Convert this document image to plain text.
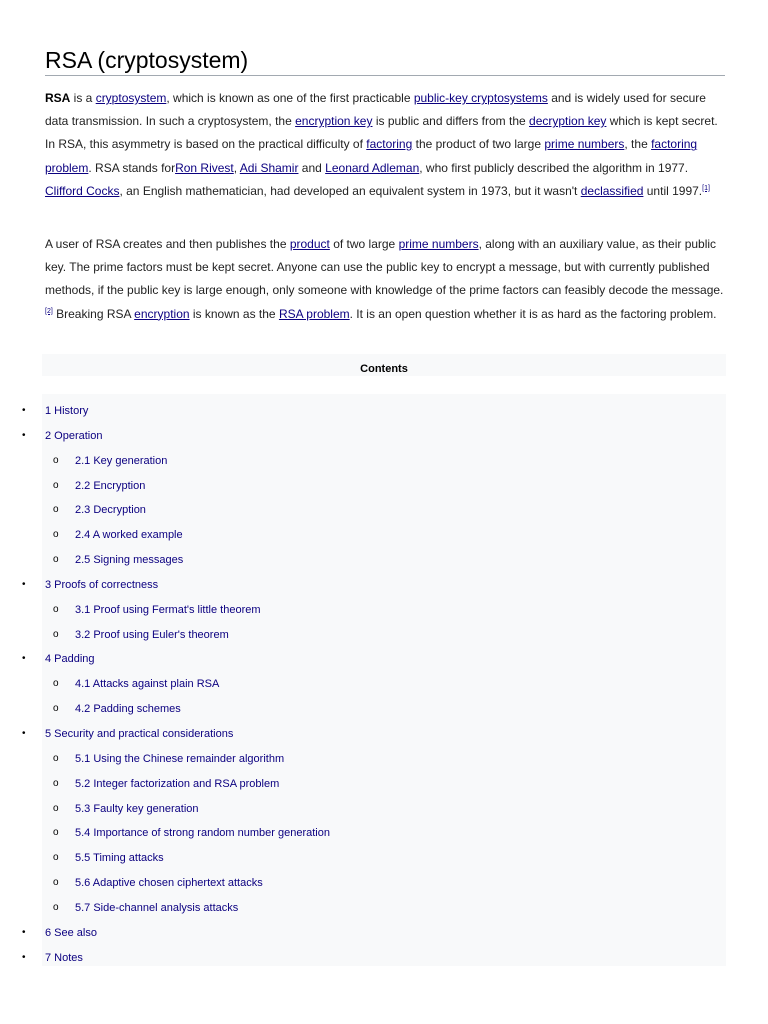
RSA (cryptosystem)

RSA is a cryptosystem, which is known as one of the first practicable public-key cryptosystems and is widely used for secure data transmission. In such a cryptosystem, the encryption key is public and differs from the decryption key which is kept secret. In RSA, this asymmetry is based on the practical difficulty of factoring the product of two large prime numbers, the factoring problem. RSA stands forRon Rivest, Adi Shamir and Leonard Adleman, who first publicly described the algorithm in 1977. Clifford Cocks, an English mathematician, had developed an equivalent system in 1973, but it wasn't declassified until 1997.[1]

A user of RSA creates and then publishes the product of two large prime numbers, along with an auxiliary value, as their public key. The prime factors must be kept secret. Anyone can use the public key to encrypt a message, but with currently published methods, if the public key is large enough, only someone with knowledge of the prime factors can feasibly decode the message.[2] Breaking RSA encryption is known as the RSA problem. It is an open question whether it is as hard as the factoring problem.

Contents
• 1 History
• 2 Operation
o 2.1 Key generation
o 2.2 Encryption
o 2.3 Decryption
o 2.4 A worked example
o 2.5 Signing messages
• 3 Proofs of correctness
o 3.1 Proof using Fermat's little theorem
o 3.2 Proof using Euler's theorem
• 4 Padding
o 4.1 Attacks against plain RSA
o 4.2 Padding schemes
• 5 Security and practical considerations
o 5.1 Using the Chinese remainder algorithm
o 5.2 Integer factorization and RSA problem
o 5.3 Faulty key generation
o 5.4 Importance of strong random number generation
o 5.5 Timing attacks
o 5.6 Adaptive chosen ciphertext attacks
o 5.7 Side-channel analysis attacks
• 6 See also
• 7 Notes
